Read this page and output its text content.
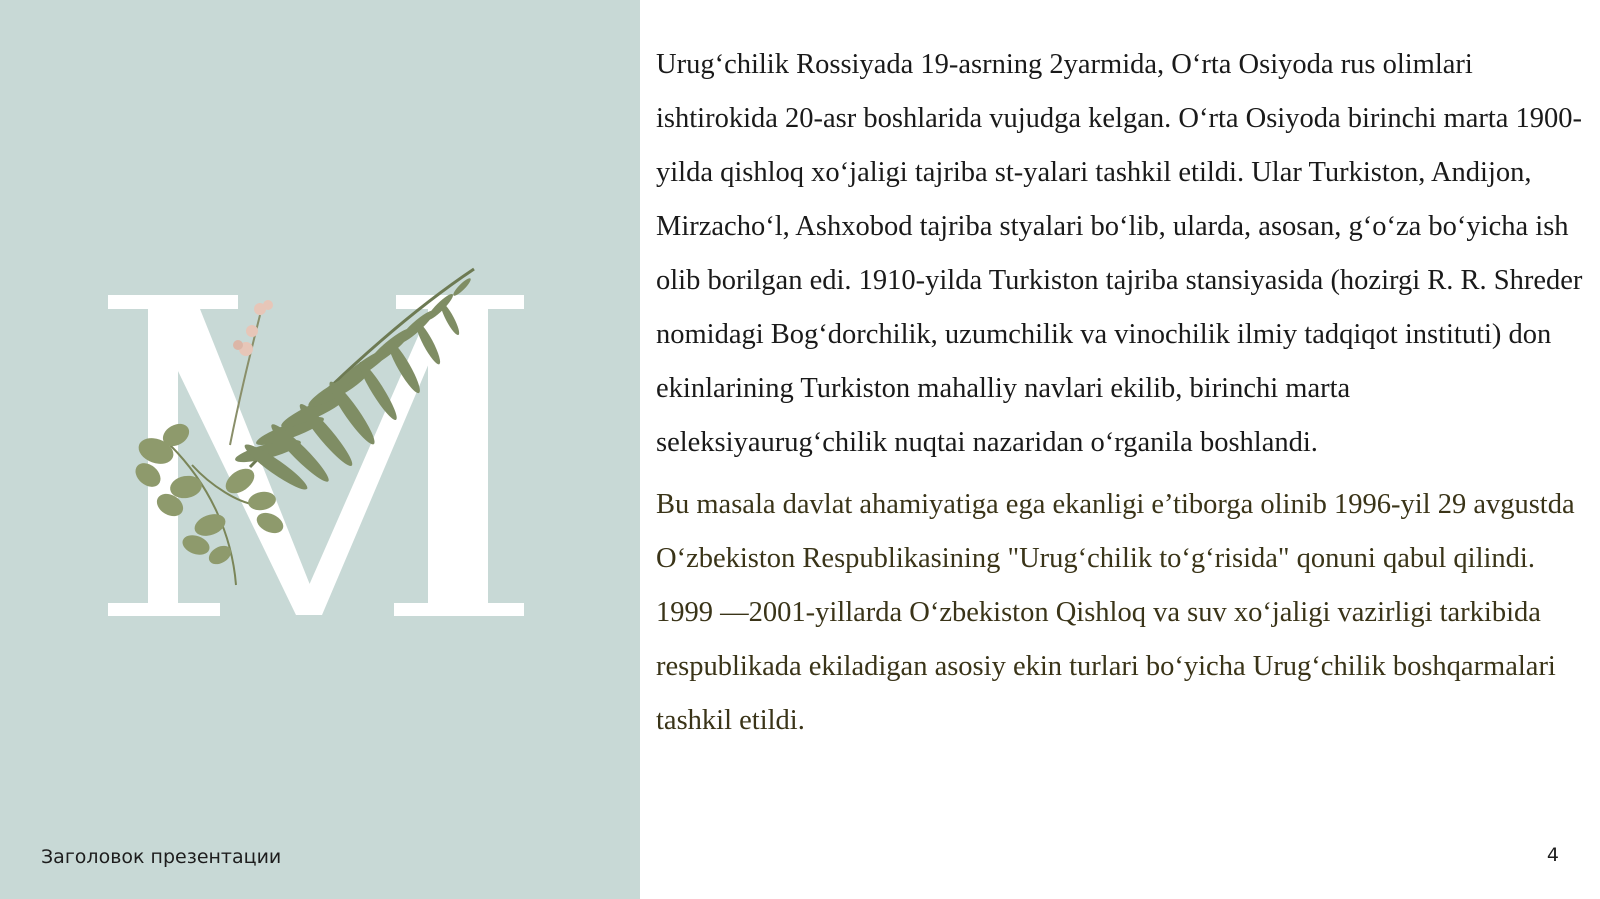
Заголовок презентации

Urug‘chilik Rossiyada 19-asrning 2yarmida, O‘rta Osiyoda rus olimlari ishtirokida 20-asr boshlarida vujudga kelgan. O‘rta Osiyoda birinchi marta 1900-yilda qishloq xo‘jaligi tajriba st-yalari tashkil etildi. Ular Turkiston, Andijon, Mirzacho‘l, Ashxobod tajriba styalari bo‘lib, ularda, asosan, g‘o‘za bo‘yicha ish olib borilgan edi. 1910-yilda Turkiston tajriba stansiyasida (hozirgi R. R. Shreder nomidagi Bog‘dorchilik, uzumchilik va vinochilik ilmiy tadqiqot instituti) don ekinlarining Turkiston mahalliy navlari ekilib, birinchi marta seleksiyaurug‘chilik nuqtai nazaridan o‘rganila boshlandi.

Bu masala davlat ahamiyatiga ega ekanligi e’tiborga olinib 1996-yil 29 avgustda O‘zbekiston Respublikasining "Urug‘chilik to‘g‘risida" qonuni qabul qilindi. 1999 —2001-yillarda O‘zbekiston Qishloq va suv xo‘jaligi vazirligi tarkibida respublikada ekiladigan asosiy ekin turlari bo‘yicha Urug‘chilik boshqarmalari tashkil etildi.

4
